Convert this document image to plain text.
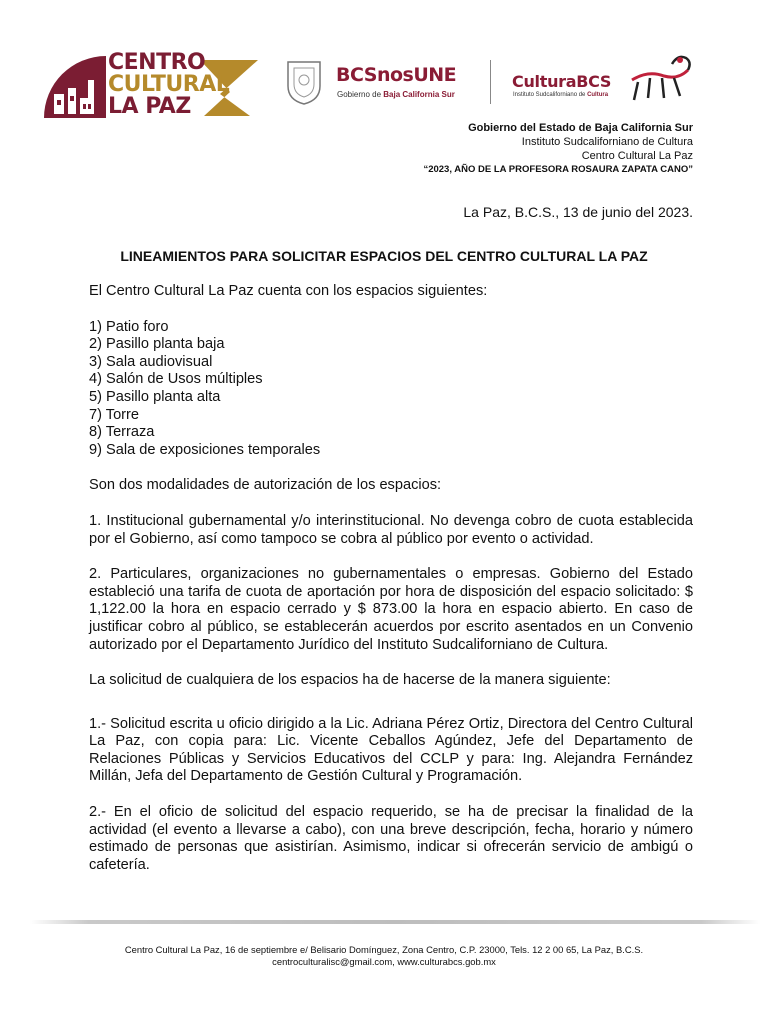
CENTRO
CULTURAL
LA PAZ
BCSnosUNE
Gobierno de Baja California Sur
CulturaBCS
Instituto Sudcaliforniano de Cultura
Gobierno del Estado de Baja California Sur
Instituto Sudcaliforniano de Cultura
Centro Cultural La Paz
“2023, AÑO DE LA PROFESORA ROSAURA ZAPATA CANO”
La Paz, B.C.S., 13 de junio del 2023.
LINEAMIENTOS PARA SOLICITAR ESPACIOS DEL CENTRO CULTURAL LA PAZ

El Centro Cultural La Paz cuenta con los espacios siguientes:

1) Patio foro
2) Pasillo planta baja
3) Sala audiovisual
4) Salón de Usos múltiples
5) Pasillo planta alta
7) Torre
8) Terraza
9) Sala de exposiciones temporales

Son dos modalidades de autorización de los espacios:

1. Institucional gubernamental y/o interinstitucional. No devenga cobro de cuota establecida por el Gobierno, así como tampoco se cobra al público por evento o actividad.

2. Particulares, organizaciones no gubernamentales o empresas. Gobierno del Estado estableció una tarifa de cuota de aportación por hora de disposición del espacio solicitado: $ 1,122.00 la hora en espacio cerrado y $ 873.00 la hora en espacio abierto. En caso de justificar cobro al público, se establecerán acuerdos por escrito asentados en un Convenio autorizado por el Departamento Jurídico del Instituto Sudcaliforniano de Cultura.

La solicitud de cualquiera de los espacios ha de hacerse de la manera siguiente:

1.- Solicitud escrita u oficio dirigido a la Lic. Adriana Pérez Ortiz, Directora del Centro Cultural La Paz, con copia para: Lic. Vicente Ceballos Agúndez, Jefe del Departamento de Relaciones Públicas y Servicios Educativos del CCLP y para: Ing. Alejandra Fernández Millán, Jefa del Departamento de Gestión Cultural y Programación.

2.- En el oficio de solicitud del espacio requerido, se ha de precisar la finalidad de la actividad (el evento a llevarse a cabo), con una breve descripción, fecha, horario y número estimado de personas que asistirían. Asimismo, indicar si ofrecerán servicio de ambigú o cafetería.

Centro Cultural La Paz, 16 de septiembre e/ Belisario Domínguez, Zona Centro, C.P. 23000, Tels. 12 2 00 65, La Paz, B.C.S.
centroculturalisc@gmail.com, www.culturabcs.gob.mx
